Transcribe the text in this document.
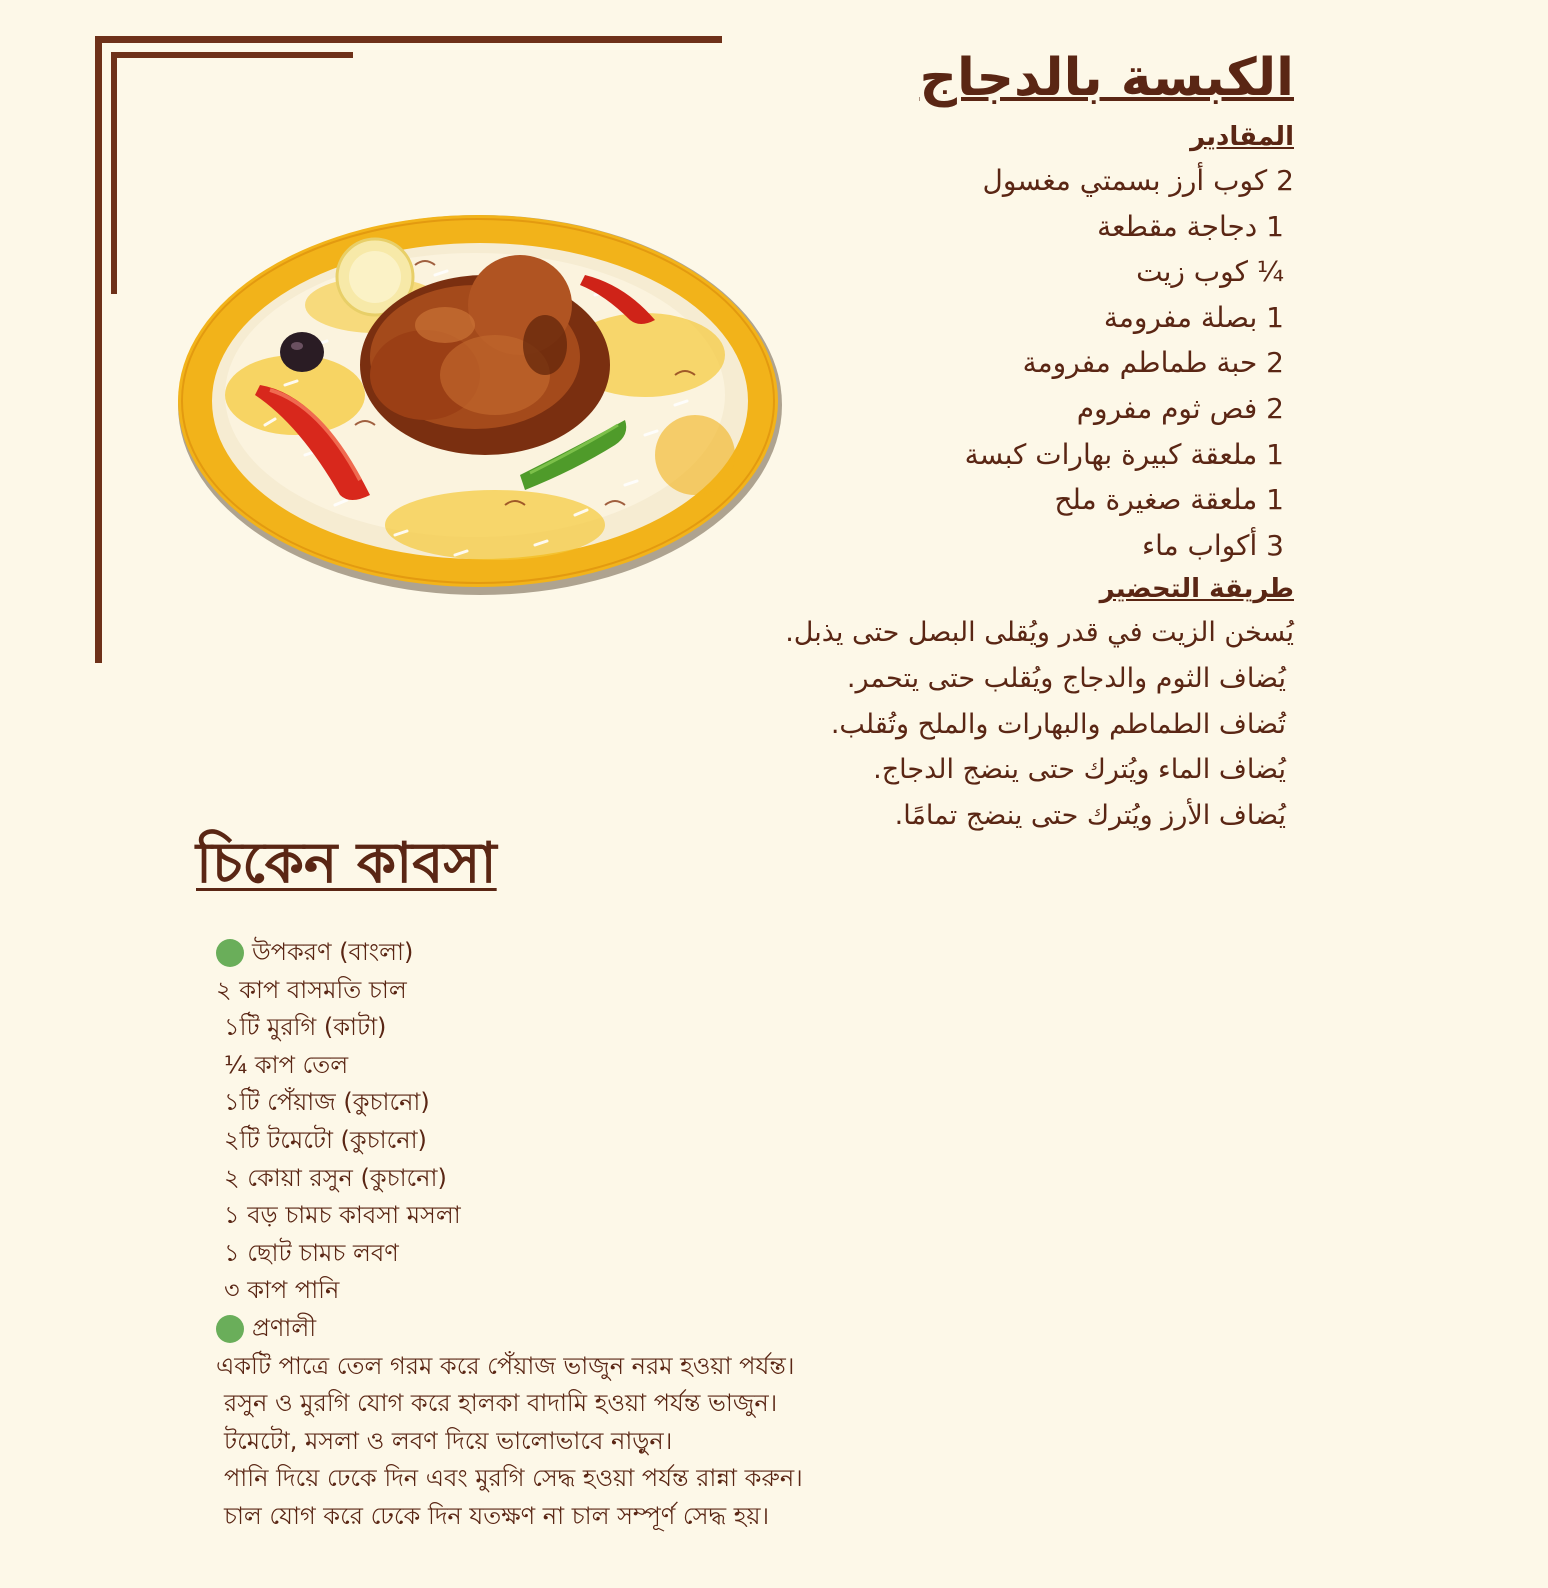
الكبسة بالدجاج
المقادير
2 كوب أرز بسمتي مغسول
1 دجاجة مقطعة
¼ كوب زيت
1 بصلة مفرومة
2 حبة طماطم مفرومة
2 فص ثوم مفروم
1 ملعقة كبيرة بهارات كبسة
1 ملعقة صغيرة ملح
3 أكواب ماء
طريقة التحضير
يُسخن الزيت في قدر ويُقلى البصل حتى يذبل.
يُضاف الثوم والدجاج ويُقلب حتى يتحمر.
تُضاف الطماطم والبهارات والملح وتُقلب.
يُضاف الماء ويُترك حتى ينضج الدجاج.
يُضاف الأرز ويُترك حتى ينضج تمامًا.
চিকেন কাবসা
উপকরণ (বাংলা)
২ কাপ বাসমতি চাল
১টি মুরগি (কাটা)
¼ কাপ তেল
১টি পেঁয়াজ (কুচানো)
২টি টমেটো (কুচানো)
২ কোয়া রসুন (কুচানো)
১ বড় চামচ কাবসা মসলা
১ ছোট চামচ লবণ
৩ কাপ পানি
প্রণালী
একটি পাত্রে তেল গরম করে পেঁয়াজ ভাজুন নরম হওয়া পর্যন্ত।
রসুন ও মুরগি যোগ করে হালকা বাদামি হওয়া পর্যন্ত ভাজুন।
টমেটো, মসলা ও লবণ দিয়ে ভালোভাবে নাড়ুন।
পানি দিয়ে ঢেকে দিন এবং মুরগি সেদ্ধ হওয়া পর্যন্ত রান্না করুন।
চাল যোগ করে ঢেকে দিন যতক্ষণ না চাল সম্পূর্ণ সেদ্ধ হয়।
